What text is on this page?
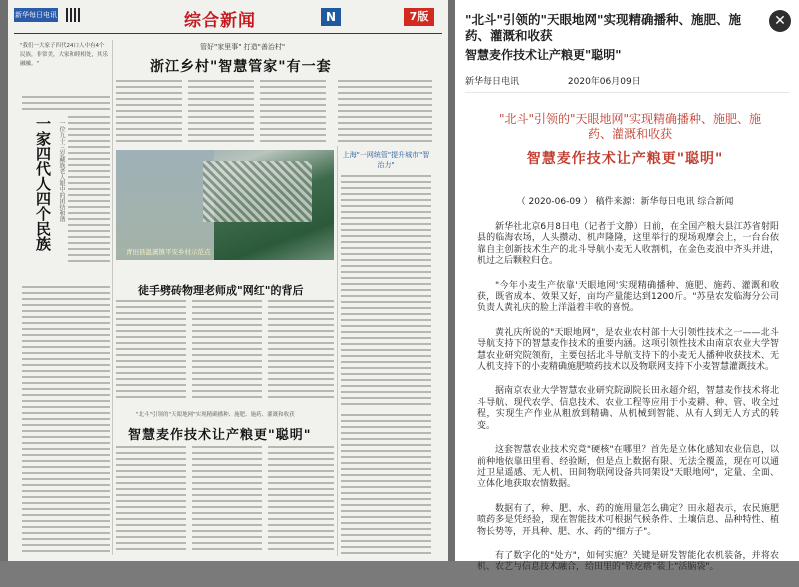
新华每日电讯	综合新闻	N	7版
"我们一大家子四代24口人中有4个民族，非常美，大家和睦相处，其乐融融。"
管好"家里事" 打造"善治村"
浙江乡村"智慧管家"有一套
一家四代人四个民族	一位九十三岁藏族老人眼中的团结和谐
青田县温溪镇平安乡村示范点
上海"一网统管"提升城市"智治力"
徒手劈砖物理老师成"网红"的背后
"北斗"引领的"天眼地网"实现精确播种、施肥、施药、灌溉和收获
智慧麦作技术让产粮更"聪明"
"北斗"引领的"天眼地网"实现精确播种、施肥、施药、灌溉和收获
智慧麦作技术让产粮更"聪明"
新华每日电讯	2020年06月09日
"北斗"引领的"天眼地网"实现精确播种、施肥、施药、灌溉和收获
智慧麦作技术让产粮更"聪明"
（ 2020-06-09 ） 稿件来源：新华每日电讯 综合新闻

新华社北京6月8日电（记者于文静）日前，在全国产粮大县江苏省射阳县的临海农场，人头攒动、机声隆隆，这里举行的现场观摩会上，一台台依靠自主创新技术生产的北斗导航小麦无人收割机，在金色麦浪中齐头并进，机过之后颗粒归仓。

"今年小麦生产依靠'天眼地网'实现精确播种、施肥、施药、灌溉和收获，既省成本、效果又好，亩均产量能达到1200斤。"苏垦农发临海分公司负责人黄礼庆的脸上洋溢着丰收的喜悦。

黄礼庆所说的"天眼地网"，是农业农村部十大引领性技术之一——北斗导航支持下的智慧麦作技术的重要内涵。这项引领性技术由南京农业大学智慧农业研究院领衔，主要包括北斗导航支持下的小麦无人播种收获技术、无人机支持下的小麦精确施肥喷药技术以及物联网支持下小麦智慧灌溉技术。

据南京农业大学智慧农业研究院副院长田永超介绍，智慧麦作技术将北斗导航、现代农学、信息技术、农业工程等应用于小麦耕、种、管、收全过程，实现生产作业从粗放到精确、从机械到智能、从有人到无人方式的转变。

这套智慧农业技术究竟"硬核"在哪里？首先是立体化感知农业信息，以前种地依靠田里看、经验断，但是点上数据有限、无法全覆盖，现在可以通过卫星遥感、无人机、田间物联网设备共同架设"天眼地网"，定量、全面、立体化地获取农情数据。

数据有了，种、肥、水、药的施用量怎么确定？田永超表示，农民施肥喷药多是凭经验，现在智能技术可根据气候条件、土壤信息、品种特性、植物长势等，开具种、肥、水、药的"细方子"。

有了数字化的"处方"，如何实施？关键是研发智能化农机装备，并将农机、农艺与信息技术融合，给田里的"铁疙瘩"装上"活脑袋"。

✕
